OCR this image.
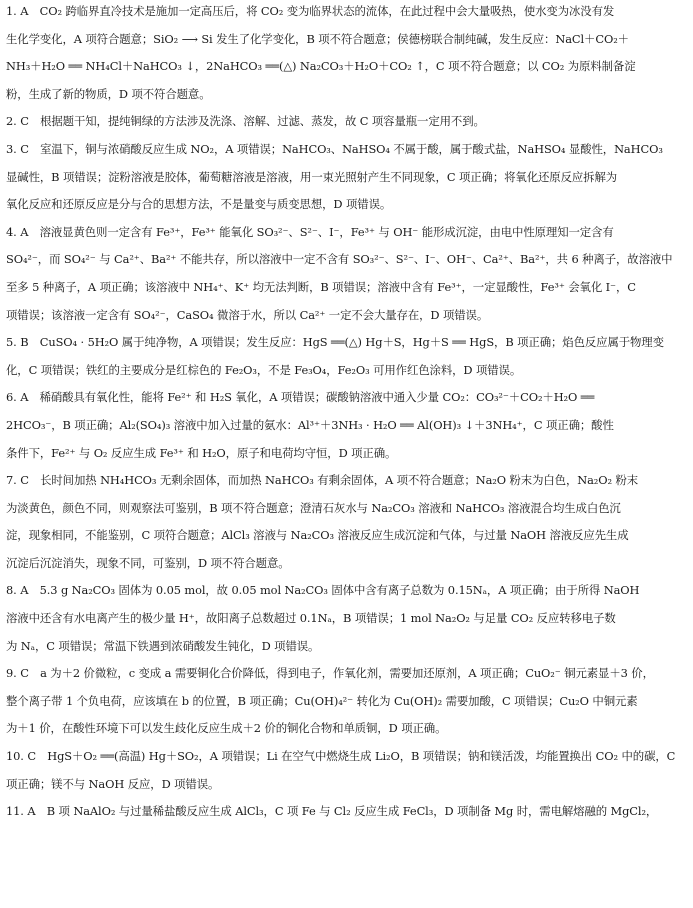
1. A　CO₂ 跨临界直冷技术是施加一定高压后，将 CO₂ 变为临界状态的流体，在此过程中会大量吸热，使水变为冰没有发
生化学变化，A 项符合题意；SiO₂ ⟶ Si 发生了化学变化，B 项不符合题意；侯德榜联合制纯碱，发生反应：NaCl＋CO₂＋
NH₃＋H₂O ══ NH₄Cl＋NaHCO₃ ↓，2NaHCO₃ ══(△) Na₂CO₃＋H₂O＋CO₂ ↑，C 项不符合题意；以 CO₂ 为原料制备淀
粉，生成了新的物质，D 项不符合题意。
2. C　根据题干知，提纯铜绿的方法涉及洗涤、溶解、过滤、蒸发，故 C 项容量瓶一定用不到。
3. C　室温下，铜与浓硝酸反应生成 NO₂，A 项错误；NaHCO₃、NaHSO₄ 不属于酸，属于酸式盐，NaHSO₄ 显酸性，NaHCO₃
显碱性，B 项错误；淀粉溶液是胶体，葡萄糖溶液是溶液，用一束光照射产生不同现象，C 项正确；将氧化还原反应拆解为
氧化反应和还原反应是分与合的思想方法，不是量变与质变思想，D 项错误。
4. A　溶液显黄色则一定含有 Fe³⁺，Fe³⁺ 能氧化 SO₃²⁻、S²⁻、I⁻，Fe³⁺ 与 OH⁻ 能形成沉淀，由电中性原理知一定含有
SO₄²⁻，而 SO₄²⁻ 与 Ca²⁺、Ba²⁺ 不能共存，所以溶液中一定不含有 SO₃²⁻、S²⁻、I⁻、OH⁻、Ca²⁺、Ba²⁺，共 6 种离子，故溶液中
至多 5 种离子，A 项正确；该溶液中 NH₄⁺、K⁺ 均无法判断，B 项错误；溶液中含有 Fe³⁺，一定显酸性，Fe³⁺ 会氧化 I⁻，C
项错误；该溶液一定含有 SO₄²⁻，CaSO₄ 微溶于水，所以 Ca²⁺ 一定不会大量存在，D 项错误。
5. B　CuSO₄ · 5H₂O 属于纯净物，A 项错误；发生反应：HgS ══(△) Hg＋S，Hg＋S ══ HgS，B 项正确；焰色反应属于物理变
化，C 项错误；铁红的主要成分是红棕色的 Fe₂O₃，不是 Fe₃O₄，Fe₂O₃ 可用作红色涂料，D 项错误。
6. A　稀硝酸具有氧化性，能将 Fe²⁺ 和 H₂S 氧化，A 项错误；碳酸钠溶液中通入少量 CO₂：CO₃²⁻＋CO₂＋H₂O ══
2HCO₃⁻，B 项正确；Al₂(SO₄)₃ 溶液中加入过量的氨水：Al³⁺＋3NH₃ · H₂O ══ Al(OH)₃ ↓＋3NH₄⁺，C 项正确；酸性
条件下，Fe²⁺ 与 O₂ 反应生成 Fe³⁺ 和 H₂O，原子和电荷均守恒，D 项正确。
7. C　长时间加热 NH₄HCO₃ 无剩余固体，而加热 NaHCO₃ 有剩余固体，A 项不符合题意；Na₂O 粉末为白色，Na₂O₂ 粉末
为淡黄色，颜色不同，则观察法可鉴别，B 项不符合题意；澄清石灰水与 Na₂CO₃ 溶液和 NaHCO₃ 溶液混合均生成白色沉
淀，现象相同，不能鉴别，C 项符合题意；AlCl₃ 溶液与 Na₂CO₃ 溶液反应生成沉淀和气体，与过量 NaOH 溶液反应先生成
沉淀后沉淀消失，现象不同，可鉴别，D 项不符合题意。
8. A　5.3 g Na₂CO₃ 固体为 0.05 mol，故 0.05 mol Na₂CO₃ 固体中含有离子总数为 0.15Nₐ，A 项正确；由于所得 NaOH
溶液中还含有水电离产生的极少量 H⁺，故阳离子总数超过 0.1Nₐ，B 项错误；1 mol Na₂O₂ 与足量 CO₂ 反应转移电子数
为 Nₐ，C 项错误；常温下铁遇到浓硝酸发生钝化，D 项错误。
9. C　a 为＋2 价微粒，c 变成 a 需要铜化合价降低，得到电子，作氧化剂，需要加还原剂，A 项正确；CuO₂⁻ 铜元素显＋3 价，
整个离子带 1 个负电荷，应该填在 b 的位置，B 项正确；Cu(OH)₄²⁻ 转化为 Cu(OH)₂ 需要加酸，C 项错误；Cu₂O 中铜元素
为＋1 价，在酸性环境下可以发生歧化反应生成＋2 价的铜化合物和单质铜，D 项正确。
10. C　HgS＋O₂ ══(高温) Hg＋SO₂，A 项错误；Li 在空气中燃烧生成 Li₂O，B 项错误；钠和镁活泼，均能置换出 CO₂ 中的碳，C
项正确；镁不与 NaOH 反应，D 项错误。
11. A　B 项 NaAlO₂ 与过量稀盐酸反应生成 AlCl₃，C 项 Fe 与 Cl₂ 反应生成 FeCl₃，D 项制备 Mg 时，需电解熔融的 MgCl₂，
